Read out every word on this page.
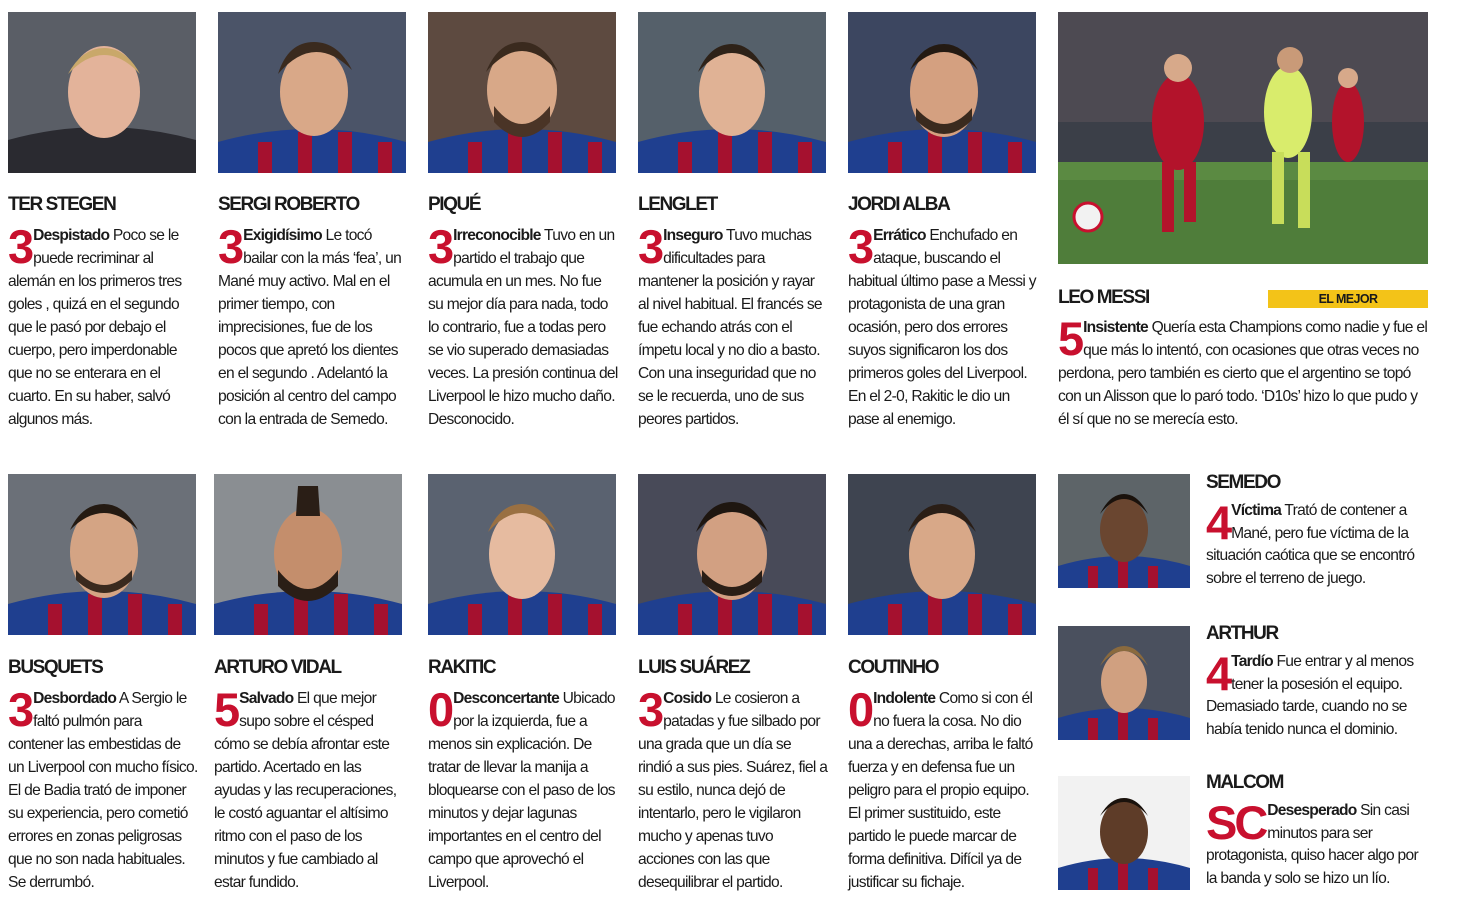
TER STEGEN
3 Despistado Poco se le puede recriminar al alemán en los primeros tres goles , quizá en el segundo que le pasó por debajo el cuerpo, pero imperdonable que no se enterara en el cuarto. En su haber, salvó algunos más.
SERGI ROBERTO
3 Exigidísimo Le tocó bailar con la más ‘fea’, un Mané muy activo. Mal en el primer tiempo, con imprecisiones, fue de los pocos que apretó los dientes en el segundo . Adelantó la posición al centro del campo con la entrada de Semedo.
PIQUÉ
3 Irreconocible Tuvo en un partido el trabajo que acumula en un mes. No fue su mejor día para nada, todo lo contrario, fue a todas pero se vio superado demasiadas veces. La presión continua del Liverpool le hizo mucho daño. Desconocido.
LENGLET
3 Inseguro Tuvo muchas dificultades para mantener la posición y rayar al nivel habitual. El francés se fue echando atrás con el ímpetu local y no dio a basto. Con una inseguridad que no se le recuerda, uno de sus peores partidos.
JORDI ALBA
3 Errático Enchufado en ataque, buscando el habitual último pase a Messi y protagonista de una gran ocasión, pero dos errores suyos significaron los dos primeros goles del Liverpool. En el 2-0, Rakitic le dio un pase al enemigo.
LEO MESSI	EL MEJOR
5 Insistente Quería esta Champions como nadie y fue el que más lo intentó, con ocasiones que otras veces no perdona, pero también es cierto que el argentino se topó con un Alisson que lo paró todo. ‘D10s’ hizo lo que pudo y él sí que no se merecía esto.
BUSQUETS
3 Desbordado A Sergio le faltó pulmón para contener las embestidas de un Liverpool con mucho físico. El de Badia trató de imponer su experiencia, pero cometió errores en zonas peligrosas que no son nada habituales. Se derrumbó.
ARTURO VIDAL
5 Salvado El que mejor supo sobre el césped cómo se debía afrontar este partido. Acertado en las ayudas y las recuperaciones, le costó aguantar el altísimo ritmo con el paso de los minutos y fue cambiado al estar fundido.
RAKITIC
0 Desconcertante Ubicado por la izquierda, fue a menos sin explicación. De tratar de llevar la manija a bloquearse con el paso de los minutos y dejar lagunas importantes en el centro del campo que aprovechó el Liverpool.
LUIS SUÁREZ
3 Cosido Le cosieron a patadas y fue silbado por una grada que un día se rindió a sus pies. Suárez, fiel a su estilo, nunca dejó de intentarlo, pero le vigilaron mucho y apenas tuvo acciones con las que desequilibrar el partido.
COUTINHO
0 Indolente Como si con él no fuera la cosa. No dio una a derechas, arriba le faltó fuerza y en defensa fue un peligro para el propio equipo. El primer sustituido, este partido le puede marcar de forma definitiva. Difícil ya de justificar su fichaje.
SEMEDO
4 Víctima Trató de contener a Mané, pero fue víctima de la situación caótica que se encontró sobre el terreno de juego.
ARTHUR
4 Tardío Fue entrar y al menos tener la posesión el equipo. Demasiado tarde, cuando no se había tenido nunca el dominio.
MALCOM
SC Desesperado Sin casi minutos para ser protagonista, quiso hacer algo por la banda y solo se hizo un lío.
